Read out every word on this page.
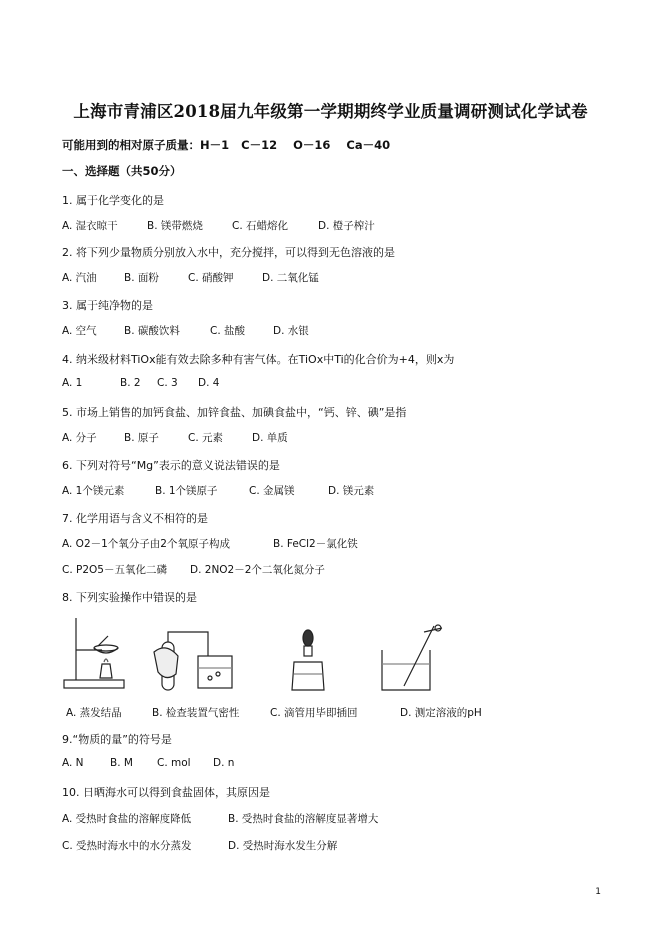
上海市青浦区2018届九年级第一学期期终学业质量调研测试化学试卷
可能用到的相对原子质量：H－1   C－12    O－16    Ca－40
一、选择题（共50分）
1. 属于化学变化的是
A. 湿衣晾干	B. 镁带燃烧	C. 石蜡熔化	D. 橙子榨汁
2. 将下列少量物质分别放入水中，充分搅拌，可以得到无色溶液的是
A. 汽油	B. 面粉	C. 硝酸钾	D. 二氧化锰
3. 属于纯净物的是
A. 空气	B. 碳酸饮料	C. 盐酸	D. 水银
4. 纳米级材料TiOx能有效去除多种有害气体。在TiOx中Ti的化合价为+4，则x为
A. 1	B. 2 C. 3 D. 4
5. 市场上销售的加钙食盐、加锌食盐、加碘食盐中，“钙、锌、碘”是指
A. 分子	B. 原子	C. 元素	D. 单质
6. 下列对符号“Mg”表示的意义说法错误的是
A. 1个镁元素	B. 1个镁原子	C. 金属镁	D. 镁元素
7. 化学用语与含义不相符的是
A. O2－1个氧分子由2个氧原子构成	B. FeCl2－氯化铁
C. P2O5－五氧化二磷 D. 2NO2－2个二氧化氮分子
8. 下列实验操作中错误的是
A. 蒸发结晶	B. 检查装置气密性	C. 滴管用毕即插回	D. 测定溶液的pH
9.“物质的量”的符号是
A. N	B. M C. mol D. n
10. 日晒海水可以得到食盐固体，其原因是
A. 受热时食盐的溶解度降低	B. 受热时食盐的溶解度显著增大
C. 受热时海水中的水分蒸发	D. 受热时海水发生分解
1
